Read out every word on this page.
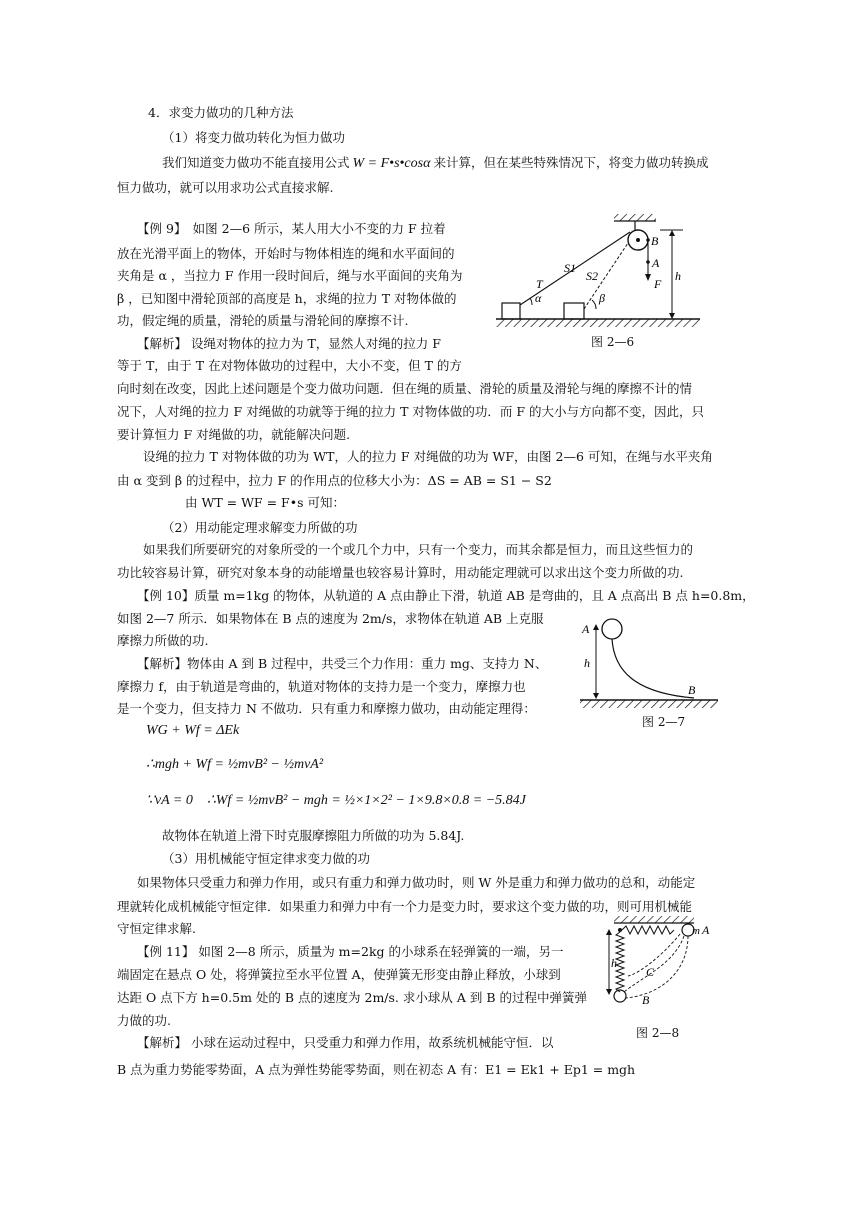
4．求变力做功的几种方法
（1）将变力做功转化为恒力做功
我们知道变力做功不能直接用公式 W = F•s•cosα 来计算，但在某些特殊情况下，将变力做功转换成
恒力做功，就可以用求功公式直接求解.
【例 9】　如图 2—6 所示，某人用大小不变的力 F 拉着
放在光滑平面上的物体，开始时与物体相连的绳和水平面间的
夹角是 α ，当拉力 F 作用一段时间后，绳与水平面间的夹角为
β ，已知图中滑轮顶部的高度是 h，求绳的拉力 T 对物体做的
功，假定绳的质量，滑轮的质量与滑轮间的摩擦不计.
【解析】 设绳对物体的拉力为 T，显然人对绳的拉力 F
等于 T，由于 T 在对物体做功的过程中，大小不变，但 T 的方
向时刻在改变，因此上述问题是个变力做功问题．但在绳的质量、滑轮的质量及滑轮与绳的摩擦不计的情
况下，人对绳的拉力 F 对绳做的功就等于绳的拉力 T 对物体做的功．而 F 的大小与方向都不变，因此，只
要计算恒力 F 对绳做的功，就能解决问题.
设绳的拉力 T 对物体做的功为 WT，人的拉力 F 对绳做的功为 WF，由图 2—6 可知，在绳与水平夹角
由 α 变到 β 的过程中，拉力 F 的作用点的位移大小为：ΔS = AB = S1 − S2
由 WT = WF = F•s 可知：
B
A
F
h
S1
S2
T
α	β
图 2—6
（2）用动能定理求解变力所做的功
如果我们所要研究的对象所受的一个或几个力中，只有一个变力，而其余都是恒力，而且这些恒力的
功比较容易计算，研究对象本身的动能增量也较容易计算时，用动能定理就可以求出这个变力所做的功.
【例 10】质量 m=1kg 的物体，从轨道的 A 点由静止下滑，轨道 AB 是弯曲的，且 A 点高出 B 点 h=0.8m，
如图 2—7 所示．如果物体在 B 点的速度为 2m/s，求物体在轨道 AB 上克服
摩擦力所做的功.
【解析】物体由 A 到 B 过程中，共受三个力作用：重力 mg、支持力 N、
摩擦力 f，由于轨道是弯曲的，轨道对物体的支持力是一个变力，摩擦力也
是一个变力，但支持力 N 不做功．只有重力和摩擦力做功，由动能定理得：
WG + Wf = ΔEk
∴mgh + Wf = ½mvB² − ½mvA²
∵vA = 0　∴Wf = ½mvB² − mgh = ½×1×2² − 1×9.8×0.8 = −5.84J
故物体在轨道上滑下时克服摩擦阻力所做的功为 5.84J.
A
h
B
图 2—7
（3）用机械能守恒定律求变力做的功
如果物体只受重力和弹力作用，或只有重力和弹力做功时，则 W 外是重力和弹力做功的总和，动能定
理就转化成机械能守恒定律．如果重力和弹力中有一个力是变力时，要求这个变力做的功，则可用机械能
守恒定律求解.
【例 11】 如图 2—8 所示，质量为 m=2kg 的小球系在轻弹簧的一端，另一
端固定在悬点 O 处，将弹簧拉至水平位置 A，使弹簧无形变由静止释放，小球到
达距 O 点下方 h=0.5m 处的 B 点的速度为 2m/s. 求小球从 A 到 B 的过程中弹簧弹
力做的功.
【解析】 小球在运动过程中，只受重力和弹力作用，故系统机械能守恒．以
B 点为重力势能零势面，A 点为弹性势能零势面，则在初态 A 有：E1 = Ek1 + Ep1 = mgh
m A
h
C
B
图 2—8
